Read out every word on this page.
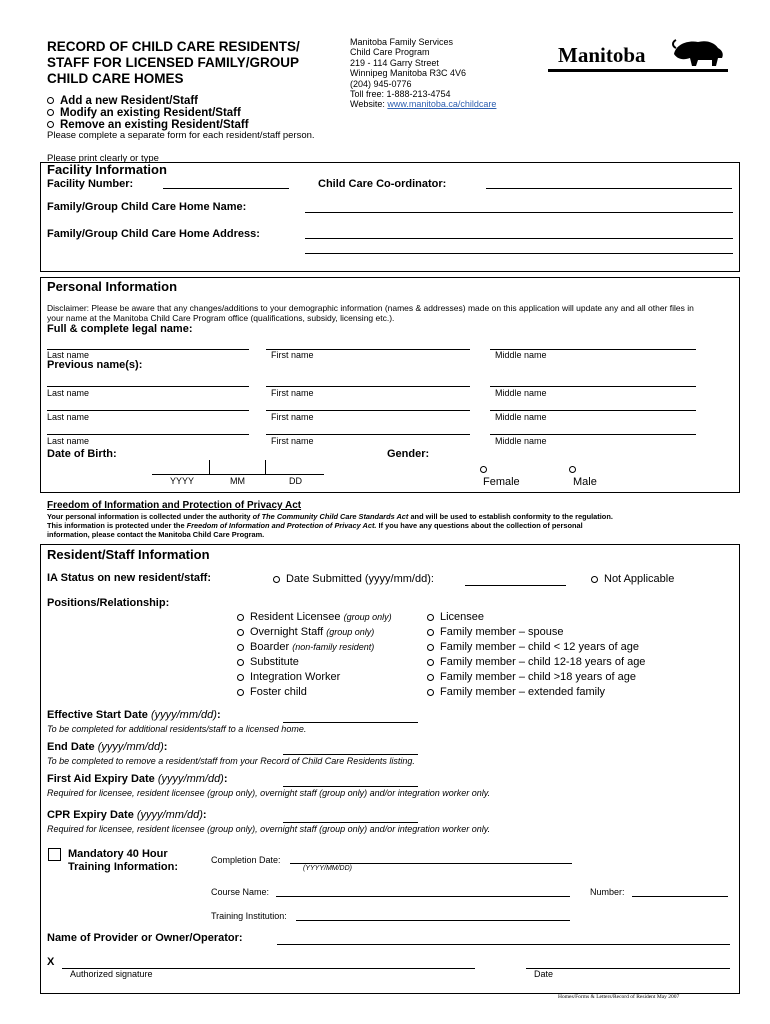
RECORD OF CHILD CARE RESIDENTS/
STAFF FOR LICENSED FAMILY/GROUP
CHILD CARE HOMES
Manitoba Family Services
Child Care Program
219 - 114 Garry Street
Winnipeg Manitoba R3C 4V6
(204) 945-0776
Toll free: 1-888-213-4754
Website: www.manitoba.ca/childcare
Manitoba
Add a new Resident/Staff
Modify an existing Resident/Staff
Remove an existing Resident/Staff
Please complete a separate form for each resident/staff person.
Please print clearly or type
Facility Information
Facility Number:	Child Care Co-ordinator:
Family/Group Child Care Home Name:
Family/Group Child Care Home Address:
Personal Information
Disclaimer: Please be aware that any changes/additions to your demographic information (names & addresses) made on this application will update any and all other files in
your name at the Manitoba Child Care Program office (qualifications, subsidy, licensing etc.).
Full & complete legal name:
Last name	First name	Middle name
Previous name(s):
Last name	First name	Middle name
Last name	First name	Middle name
Last name	First name	Middle name
Date of Birth:
YYYY	MM	DD
Gender:
Female	Male
Freedom of Information and Protection of Privacy Act
Your personal information is collected under the authority of The Community Child Care Standards Act and will be used to establish conformity to the regulation.
This information is protected under the Freedom of Information and Protection of Privacy Act. If you have any questions about the collection of personal
information, please contact the Manitoba Child Care Program.
Resident/Staff Information
IA Status on new resident/staff:	Date Submitted (yyyy/mm/dd):	Not Applicable
Positions/Relationship:
Resident Licensee (group only)
Overnight Staff (group only)
Boarder (non-family resident)
Substitute
Integration Worker
Foster child
Licensee
Family member – spouse
Family member – child < 12 years of age
Family member – child 12-18 years of age
Family member – child >18 years of age
Family member – extended family
Effective Start Date (yyyy/mm/dd):
To be completed for additional residents/staff to a licensed home.
End Date (yyyy/mm/dd):
To be completed to remove a resident/staff from your Record of Child Care Residents listing.
First Aid Expiry Date (yyyy/mm/dd):
Required for licensee, resident licensee (group only), overnight staff (group only) and/or integration worker only.
CPR Expiry Date (yyyy/mm/dd):
Required for licensee, resident licensee (group only), overnight staff (group only) and/or integration worker only.
Mandatory 40 Hour
Training Information:
Completion Date:
(YYYY/MM/DD)
Course Name:	Number:
Training Institution:
Name of Provider or Owner/Operator:
X
Authorized signature	Date
Homes/Forms & Letters/Record of Resident May 2007
